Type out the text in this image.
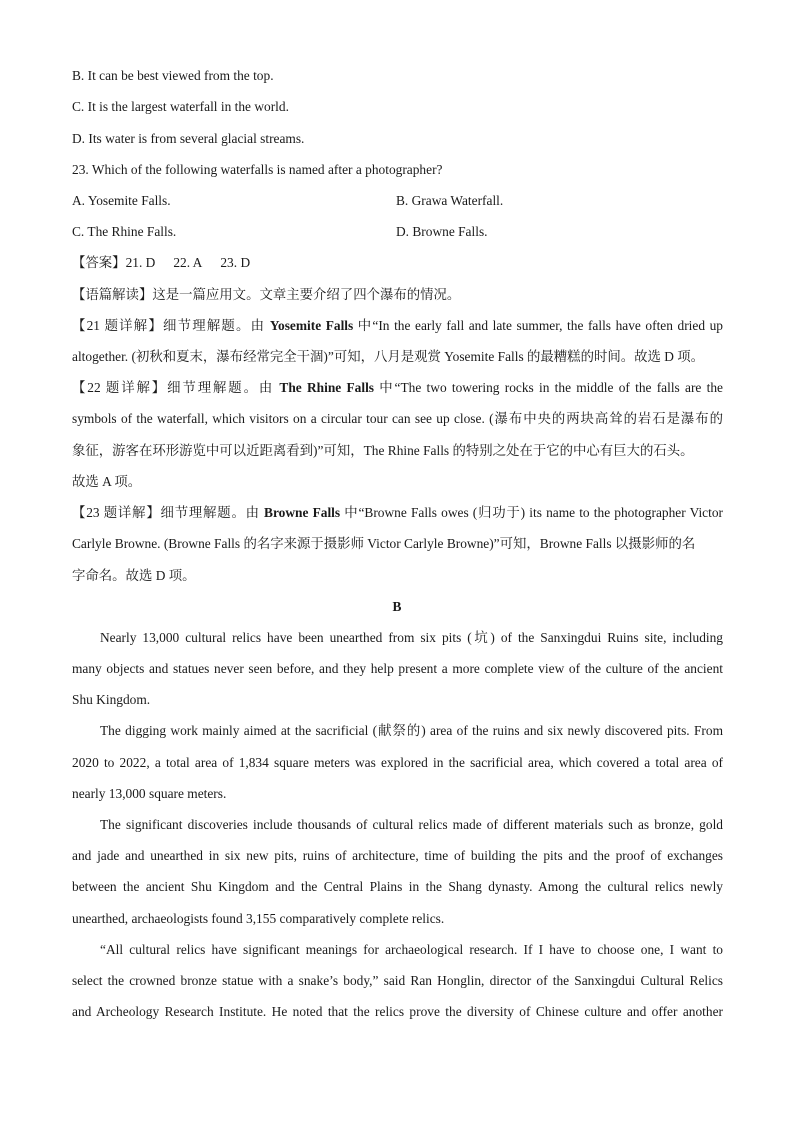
B. It can be best viewed from the top.
C. It is the largest waterfall in the world.
D. Its water is from several glacial streams.
23. Which of the following waterfalls is named after a photographer?
A. Yosemite Falls.	B. Grawa Waterfall.
C. The Rhine Falls.	D. Browne Falls.
【答案】21. D 22. A 23. D
【语篇解读】这是一篇应用文。文章主要介绍了四个瀑布的情况。
【21 题详解】细节理解题。由 Yosemite Falls 中“In the early fall and late summer, the falls have often dried up
altogether. (初秋和夏末，瀑布经常完全干涸)”可知，八月是观赏 Yosemite Falls 的最糟糕的时间。故选 D 项。
【22 题详解】细节理解题。由 The Rhine Falls 中“The two towering rocks in the middle of the falls are the
symbols of the waterfall, which visitors on a circular tour can see up close. (瀑布中央的两块高耸的岩石是瀑布的
象征，游客在环形游览中可以近距离看到)”可知，The Rhine Falls 的特别之处在于它的中心有巨大的石头。
故选 A 项。
【23 题详解】细节理解题。由 Browne Falls 中“Browne Falls owes (归功于) its name to the photographer Victor
Carlyle Browne. (Browne Falls 的名字来源于摄影师 Victor Carlyle Browne)”可知，Browne Falls 以摄影师的名
字命名。故选 D 项。
B
Nearly 13,000 cultural relics have been unearthed from six pits (坑) of the Sanxingdui Ruins site, including
many objects and statues never seen before, and they help present a more complete view of the culture of the ancient
Shu Kingdom.
The digging work mainly aimed at the sacrificial (献祭的) area of the ruins and six newly discovered pits. From
2020 to 2022, a total area of 1,834 square meters was explored in the sacrificial area, which covered a total area of
nearly 13,000 square meters.
The significant discoveries include thousands of cultural relics made of different materials such as bronze, gold
and jade and unearthed in six new pits, ruins of architecture, time of building the pits and the proof of exchanges
between the ancient Shu Kingdom and the Central Plains in the Shang dynasty. Among the cultural relics newly
unearthed, archaeologists found 3,155 comparatively complete relics.
“All cultural relics have significant meanings for archaeological research. If I have to choose one, I want to
select the crowned bronze statue with a snake’s body,” said Ran Honglin, director of the Sanxingdui Cultural Relics
and Archeology Research Institute. He noted that the relics prove the diversity of Chinese culture and offer another
